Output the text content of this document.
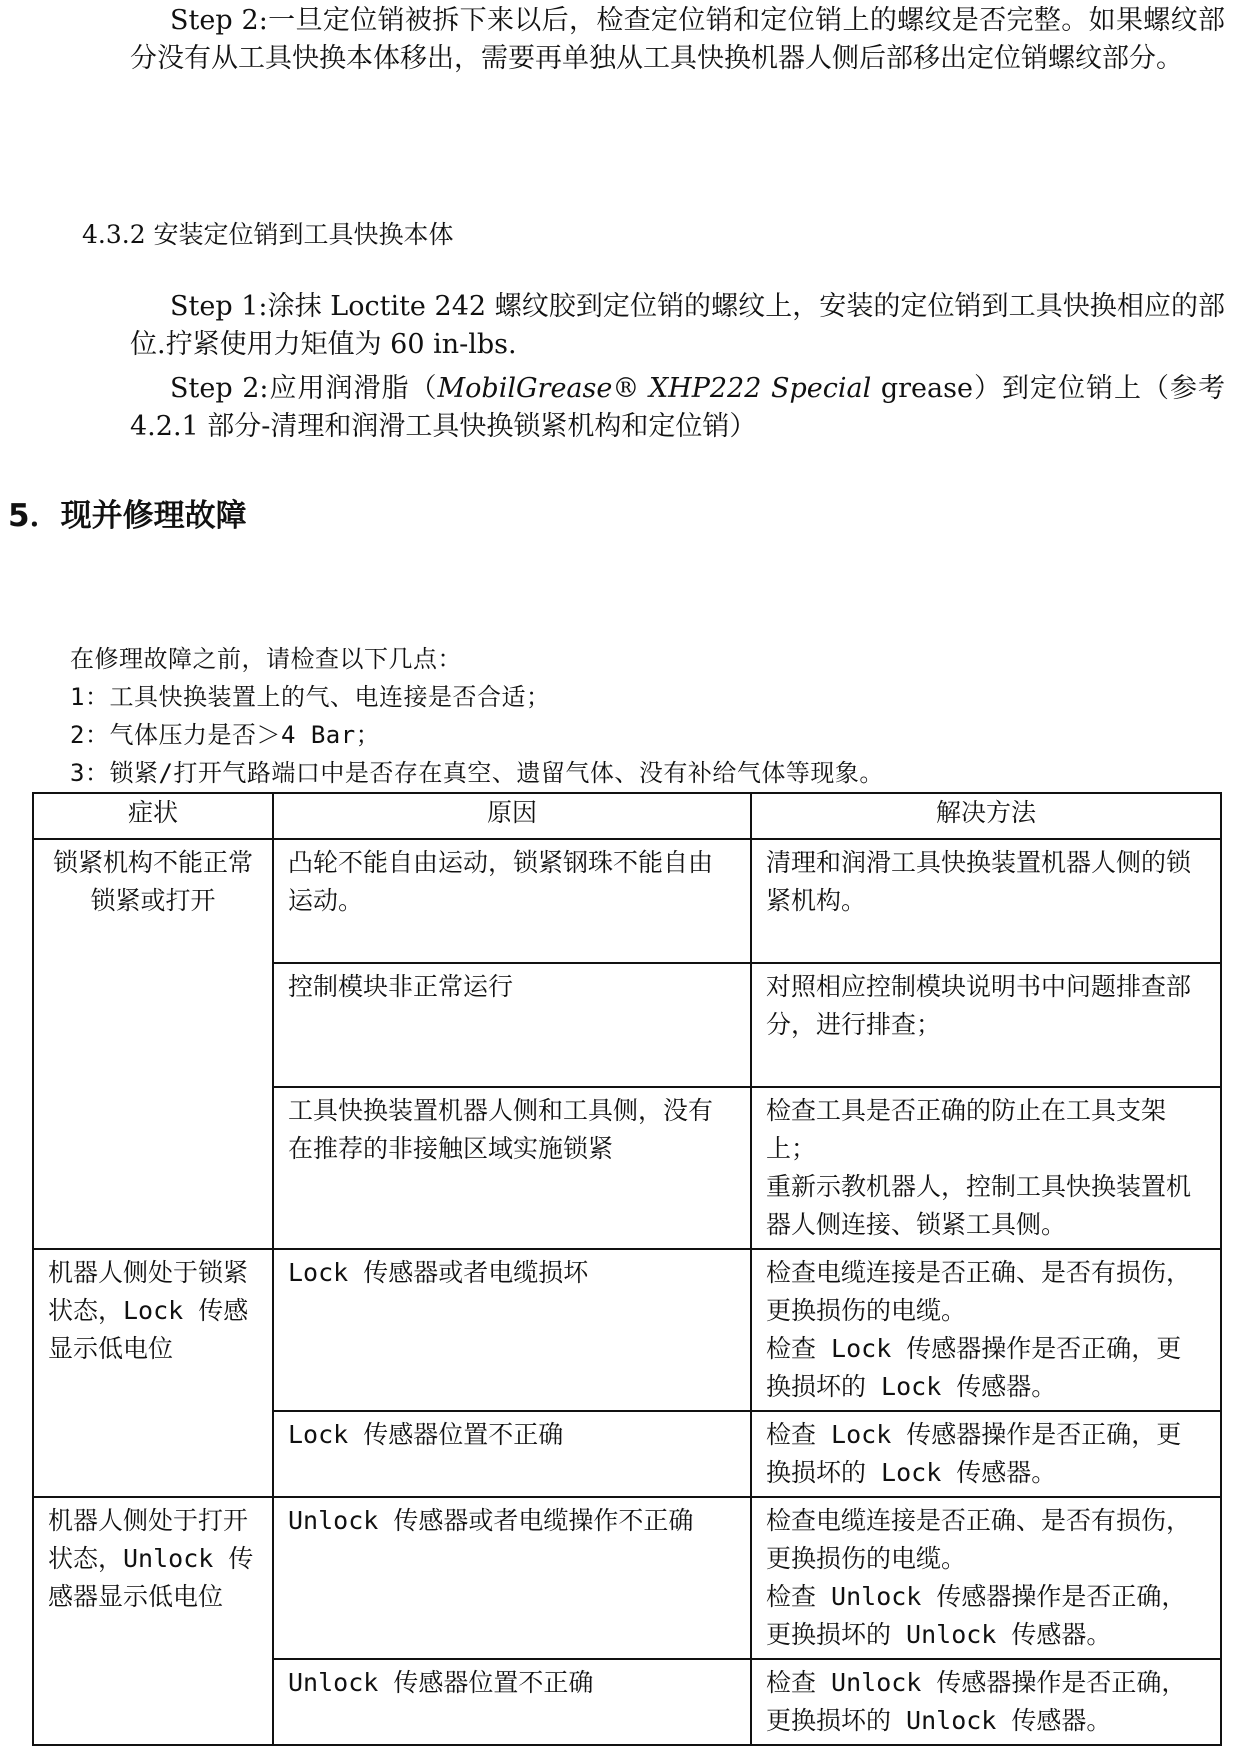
Step 2:一旦定位销被拆下来以后，检查定位销和定位销上的螺纹是否完整。如果螺纹部分没有从工具快换本体移出，需要再单独从工具快换机器人侧后部移出定位销螺纹部分。
4.3.2 安装定位销到工具快换本体
Step 1:涂抹 Loctite 242 螺纹胶到定位销的螺纹上，安装的定位销到工具快换相应的部位.拧紧使用力矩值为 60 in-lbs.
Step 2:应用润滑脂（MobilGrease® XHP222 Special grease）到定位销上（参考 4.2.1 部分-清理和润滑工具快换锁紧机构和定位销）
5．现并修理故障
在修理故障之前，请检查以下几点：
1：工具快换装置上的气、电连接是否合适；
2：气体压力是否＞4 Bar；
3：锁紧/打开气路端口中是否存在真空、遗留气体、没有补给气体等现象。
症状	原因	解决方法
锁紧机构不能正常锁紧或打开	凸轮不能自由运动，锁紧钢珠不能自由运动。	清理和润滑工具快换装置机器人侧的锁紧机构。

	控制模块非正常运行	对照相应控制模块说明书中问题排查部分，进行排查；

	工具快换装置机器人侧和工具侧，没有在推荐的非接触区域实施锁紧	检查工具是否正确的防止在工具支架上；
重新示教机器人，控制工具快换装置机器人侧连接、锁紧工具侧。

机器人侧处于锁紧状态，Lock 传感显示低电位	Lock 传感器或者电缆损坏	检查电缆连接是否正确、是否有损伤，更换损伤的电缆。
检查 Lock 传感器操作是否正确，更换损坏的 Lock 传感器。

	Lock 传感器位置不正确	检查 Lock 传感器操作是否正确，更换损坏的 Lock 传感器。

机器人侧处于打开状态，Unlock 传感器显示低电位	Unlock 传感器或者电缆操作不正确	检查电缆连接是否正确、是否有损伤，更换损伤的电缆。
检查 Unlock 传感器操作是否正确，更换损坏的 Unlock 传感器。

	Unlock 传感器位置不正确	检查 Unlock 传感器操作是否正确，更换损坏的 Unlock 传感器。
